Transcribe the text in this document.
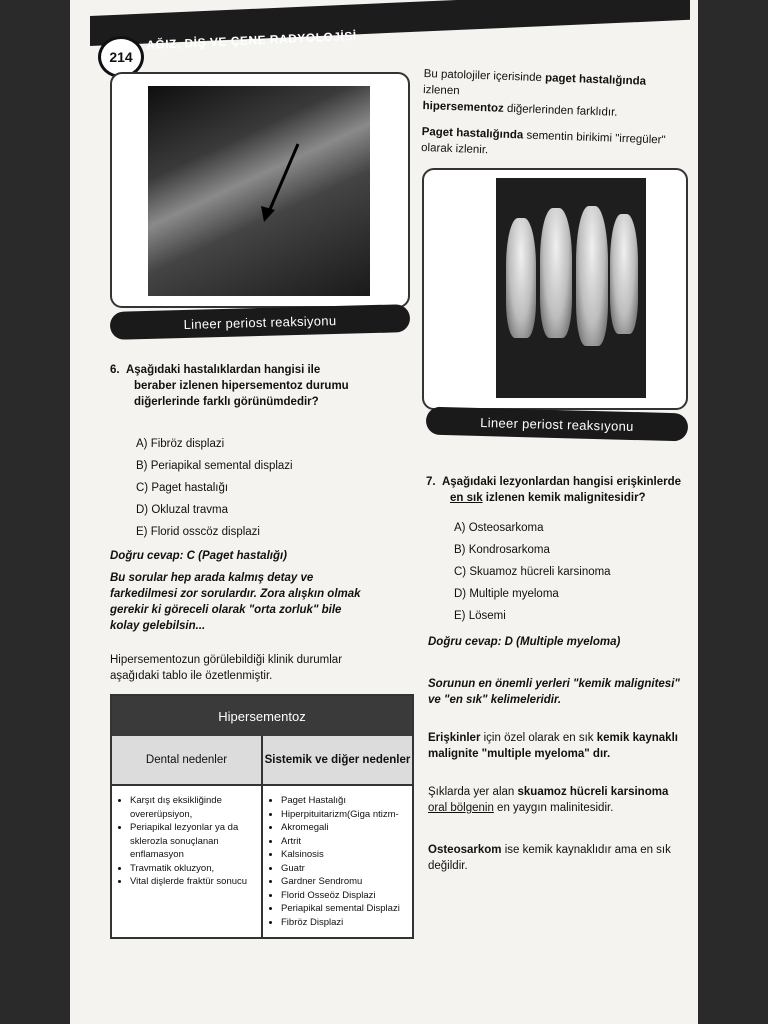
214
AĞIZ, DİŞ VE ÇENE RADYOLOJİSİ
Lineer periost reaksiyonu
Bu patolojiler içerisinde paget hastalığında izlenen
hipersementoz diğerlerinden farklıdır.
Paget hastalığında sementin birikimi "irregüler"
olarak izlenir.
Lineer periost reaksıyonu
6. Aşağıdaki hastalıklardan hangisi ile
beraber izlenen hipersementoz durumu
diğerlerinde farklı görünümdedir?
A) Fibröz displazi
B) Periapikal semental displazi
C) Paget hastalığı
D) Okluzal travma
E) Florid osscöz displazi
Doğru cevap: C (Paget hastalığı)
Bu sorular hep arada kalmış detay ve
farkedilmesi zor sorulardır. Zora alışkın olmak
gerekir ki göreceli olarak "orta zorluk" bile
kolay gelebilsin...
Hipersementozun görülebildiği klinik durumlar
aşağıdaki tablo ile özetlenmiştir.
Hipersementoz
Dental nedenler	Sistemik ve diğer nedenler
• Karşıt dış eksikliğinde overerüpsiyon,
• Periapikal lezyonlar ya da sklerozla sonuçlanan enflamasyon
• Travmatik okluzyon,
• Vital dişlerde fraktür sonucu
• Paget Hastalığı
• Hiperpituitarizm(Giga ntizm-
• Akromegali
• Artrit
• Kalsinosis
• Guatr
• Gardner Sendromu
• Florid Osseöz Displazi
• Periapikal semental Displazi
• Fibröz Displazi
7. Aşağıdaki lezyonlardan hangisi erişkinlerde
en sık izlenen kemik malignitesidir?
A) Osteosarkoma
B) Kondrosarkoma
C) Skuamoz hücreli karsinoma
D) Multiple myeloma
E) Lösemi
Doğru cevap: D (Multiple myeloma)
Sorunun en önemli yerleri "kemik malignitesi"
ve "en sık" kelimeleridir.
Erişkinler için özel olarak en sık kemik kaynaklı
malignite "multiple myeloma" dır.
Şıklarda yer alan skuamoz hücreli karsinoma
oral bölgenin en yaygın malinitesidir.
Osteosarkom ise kemik kaynaklıdır ama en sık
değildir.
